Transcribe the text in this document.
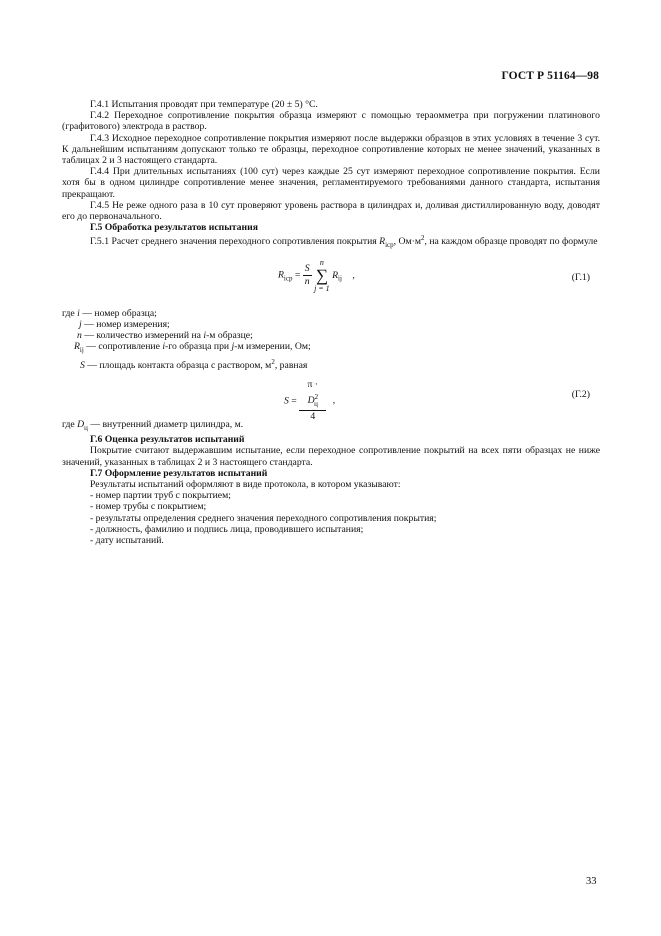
ГОСТ Р 51164—98

Г.4.1 Испытания проводят при температуре (20 ± 5) °С.

Г.4.2 Переходное сопротивление покрытия образца измеряют с помощью тераомметра при погружении платинового (графитового) электрода в раствор.

Г.4.3 Исходное переходное сопротивление покрытия измеряют после выдержки образцов в этих условиях в течение 3 сут. К дальнейшим испытаниям допускают только те образцы, переходное сопротивление которых не менее значений, указанных в таблицах 2 и 3 настоящего стандарта.

Г.4.4 При длительных испытаниях (100 сут) через каждые 25 сут измеряют переходное сопротивление покрытия. Если хотя бы в одном цилиндре сопротивление менее значения, регламентируемого требованиями данного стандарта, испытания прекращают.

Г.4.5 Не реже одного раза в 10 сут проверяют уровень раствора в цилиндрах и, доливая дистиллированную воду, доводят его до первоначального.

Г.5 Обработка результатов испытания

Г.5.1 Расчет среднего значения переходного сопротивления покрытия $R_{iср}$, $Ом\cdot м^2$, на каждом образце проводят по формуле

$R_{iср} = \frac{S}{n}$

n
∑
j = 1
$R_{ij}$ ,	(Г.1)
где i — номер образца;
j — номер измерения;
n — количество измерений на i-м образце;
$R_{ij}$ — сопротивление i-го образца при j-м измерении, Ом;
S — площадь контакта образца с раствором, $м^2$, равная
$S = \frac{\pi \cdot D^2_ц}{4}$ ,
(Г.2)

где $D_ц$ — внутренний диаметр цилиндра, м.

Г.6 Оценка результатов испытаний

Покрытие считают выдержавшим испытание, если переходное сопротивление покрытий на всех пяти образцах не ниже значений, указанных в таблицах 2 и 3 настоящего стандарта.

Г.7 Оформление результатов испытаний

Результаты испытаний оформляют в виде протокола, в котором указывают:

- номер партии труб с покрытием;
- номер трубы с покрытием;
- результаты определения среднего значения переходного сопротивления покрытия;
- должность, фамилию и подпись лица, проводившего испытания;
- дату испытаний.
33
